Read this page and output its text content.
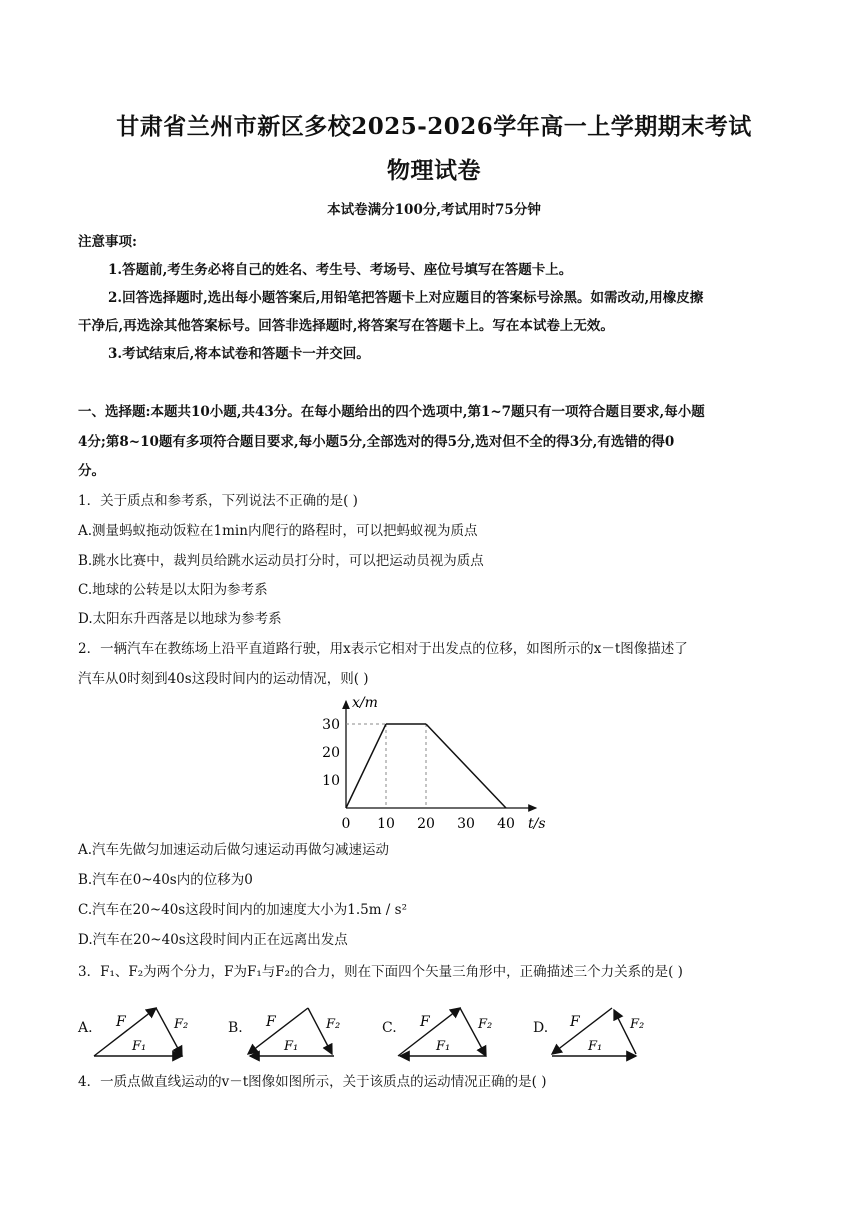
甘肃省兰州市新区多校2025-2026学年高一上学期期末考试
物理试卷
本试卷满分100分,考试用时75分钟
注意事项:
1.答题前,考生务必将自己的姓名、考生号、考场号、座位号填写在答题卡上。
2.回答选择题时,选出每小题答案后,用铅笔把答题卡上对应题目的答案标号涂黑。如需改动,用橡皮擦
干净后,再选涂其他答案标号。回答非选择题时,将答案写在答题卡上。写在本试卷上无效。
3.考试结束后,将本试卷和答题卡一并交回。
一、选择题:本题共10小题,共43分。在每小题给出的四个选项中,第1~7题只有一项符合题目要求,每小题
4分;第8~10题有多项符合题目要求,每小题5分,全部选对的得5分,选对但不全的得3分,有选错的得0
分。
1．关于质点和参考系，下列说法不正确的是( )
A.测量蚂蚁拖动饭粒在1min内爬行的路程时，可以把蚂蚁视为质点
B.跳水比赛中，裁判员给跳水运动员打分时，可以把运动员视为质点
C.地球的公转是以太阳为参考系
D.太阳东升西落是以地球为参考系
2．一辆汽车在教练场上沿平直道路行驶，用x表示它相对于出发点的位移，如图所示的x－t图像描述了
汽车从0时刻到40s这段时间内的运动情况，则( )
x/m
t/s
0 10 20 30 40
10
20
30
A.汽车先做匀加速运动后做匀速运动再做匀减速运动
B.汽车在0~40s内的位移为0
C.汽车在20~40s这段时间内的加速度大小为1.5m / s²
D.汽车在20~40s这段时间内正在远离出发点
3．F₁、F₂为两个分力，F为F₁与F₂的合力，则在下面四个矢量三角形中，正确描述三个力关系的是( )
A. F	F₂
F₁
B. F	F₂
F₁
C. F	F₂
F₁
D. F	F₂
F₁
4．一质点做直线运动的v－t图像如图所示，关于该质点的运动情况正确的是( )
